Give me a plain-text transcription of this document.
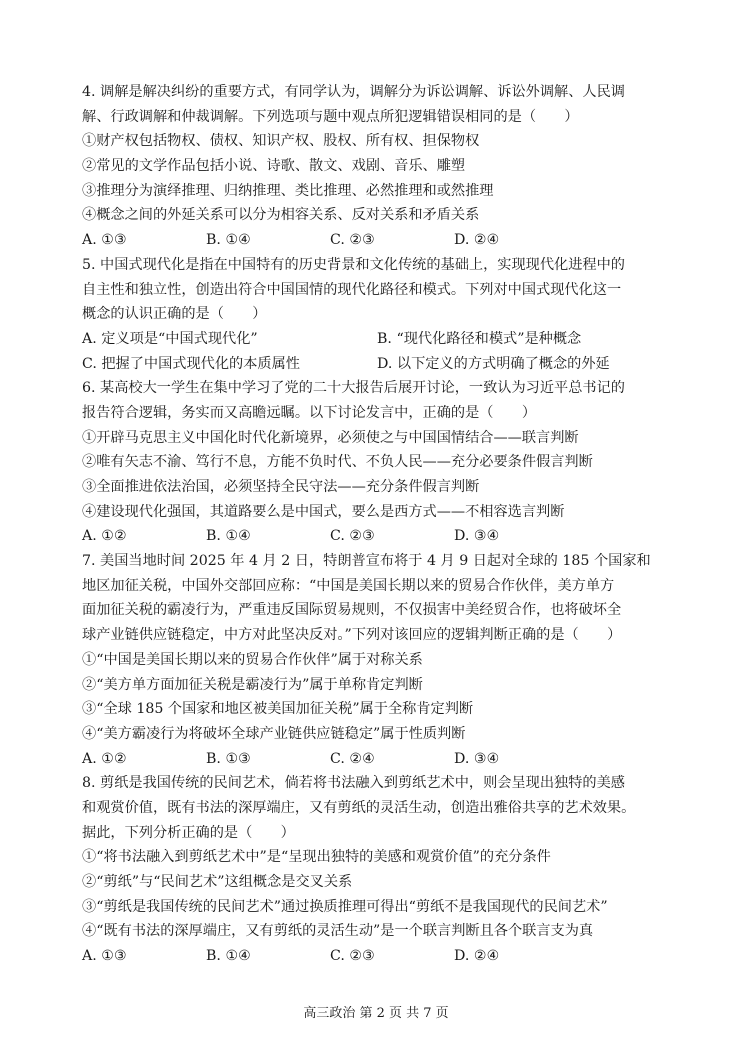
4. 调解是解决纠纷的重要方式，有同学认为，调解分为诉讼调解、诉讼外调解、人民调
解、行政调解和仲裁调解。下列选项与题中观点所犯逻辑错误相同的是（　　）
①财产权包括物权、债权、知识产权、股权、所有权、担保物权
②常见的文学作品包括小说、诗歌、散文、戏剧、音乐、雕塑
③推理分为演绎推理、归纳推理、类比推理、必然推理和或然推理
④概念之间的外延关系可以分为相容关系、反对关系和矛盾关系
A. ①③	B. ①④	C. ②③	D. ②④
5. 中国式现代化是指在中国特有的历史背景和文化传统的基础上，实现现代化进程中的
自主性和独立性，创造出符合中国国情的现代化路径和模式。下列对中国式现代化这一
概念的认识正确的是（　　）
A. 定义项是“中国式现代化”	B. “现代化路径和模式”是种概念
C. 把握了中国式现代化的本质属性	D. 以下定义的方式明确了概念的外延
6. 某高校大一学生在集中学习了党的二十大报告后展开讨论，一致认为习近平总书记的
报告符合逻辑，务实而又高瞻远瞩。以下讨论发言中，正确的是（　　）
①开辟马克思主义中国化时代化新境界，必须使之与中国国情结合——联言判断
②唯有矢志不渝、笃行不息，方能不负时代、不负人民——充分必要条件假言判断
③全面推进依法治国，必须坚持全民守法——充分条件假言判断
④建设现代化强国，其道路要么是中国式，要么是西方式——不相容选言判断
A. ①②	B. ①④	C. ②③	D. ③④
7. 美国当地时间 2025 年 4 月 2 日，特朗普宣布将于 4 月 9 日起对全球的 185 个国家和
地区加征关税，中国外交部回应称：“中国是美国长期以来的贸易合作伙伴，美方单方
面加征关税的霸凌行为，严重违反国际贸易规则，不仅损害中美经贸合作，也将破坏全
球产业链供应链稳定，中方对此坚决反对。”下列对该回应的逻辑判断正确的是（　　）
①“中国是美国长期以来的贸易合作伙伴”属于对称关系
②“美方单方面加征关税是霸凌行为”属于单称肯定判断
③“全球 185 个国家和地区被美国加征关税”属于全称肯定判断
④“美方霸凌行为将破坏全球产业链供应链稳定”属于性质判断
A. ①②	B. ①③	C. ②④	D. ③④
8. 剪纸是我国传统的民间艺术，倘若将书法融入到剪纸艺术中，则会呈现出独特的美感
和观赏价值，既有书法的深厚端庄，又有剪纸的灵活生动，创造出雅俗共享的艺术效果。
据此，下列分析正确的是（　　）
①“将书法融入到剪纸艺术中”是“呈现出独特的美感和观赏价值”的充分条件
②“剪纸”与“民间艺术”这组概念是交叉关系
③“剪纸是我国传统的民间艺术”通过换质推理可得出“剪纸不是我国现代的民间艺术”
④“既有书法的深厚端庄，又有剪纸的灵活生动”是一个联言判断且各个联言支为真
A. ①③	B. ①④	C. ②③	D. ②④
高三政治 第 2 页 共 7 页
